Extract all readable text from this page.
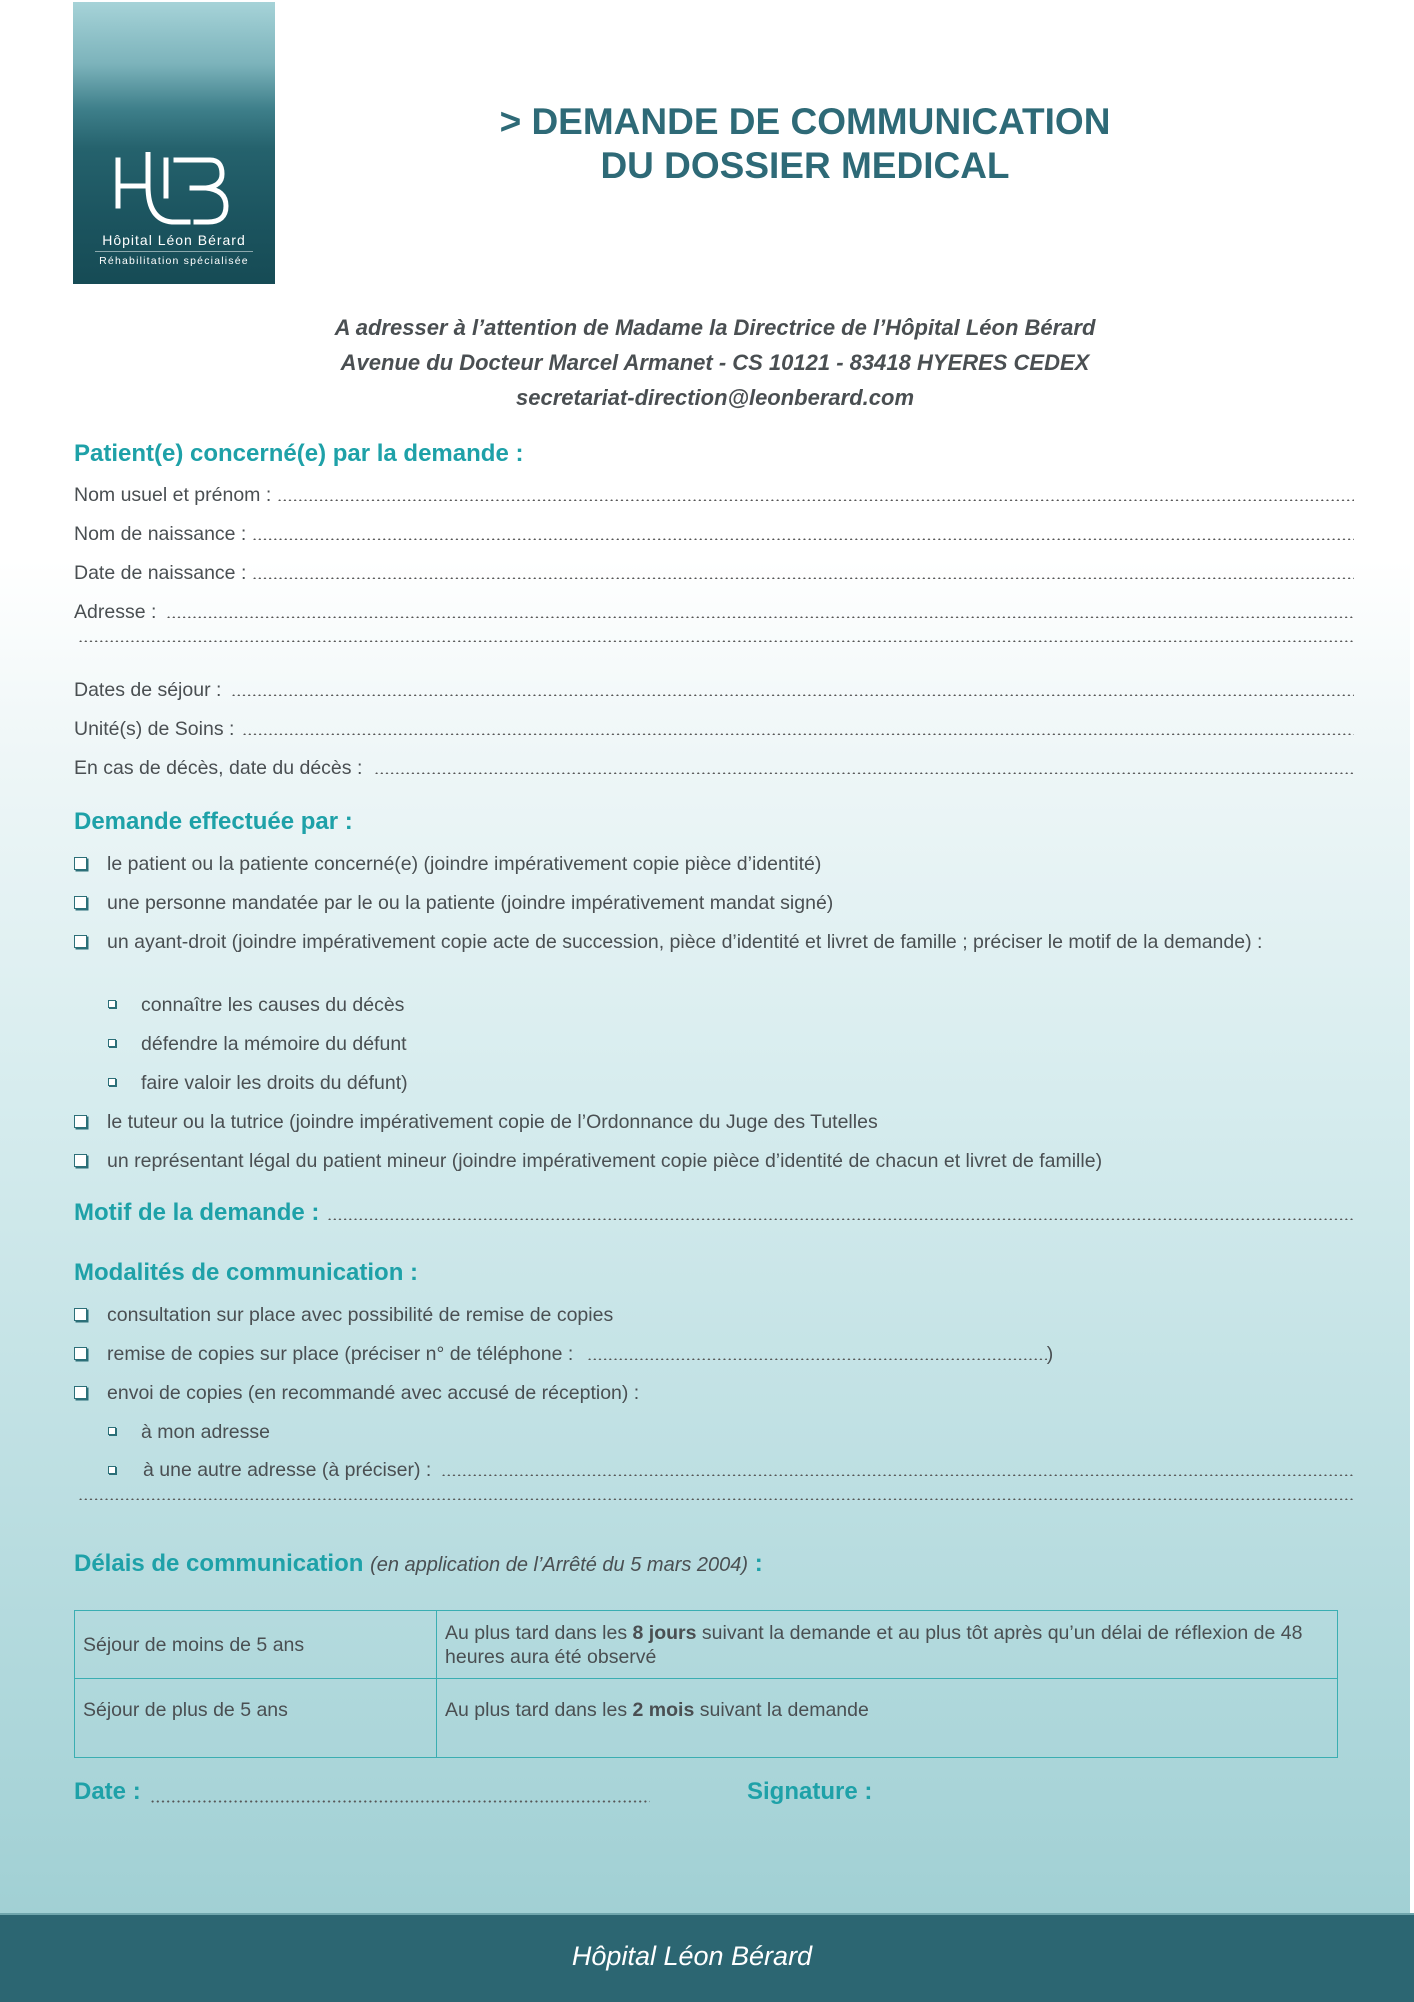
Hôpital Léon Bérard
Réhabilitation spécialisée
> DEMANDE DE COMMUNICATION
DU DOSSIER MEDICAL
A adresser à l’attention de Madame la Directrice de l’Hôpital Léon Bérard
Avenue du Docteur Marcel Armanet - CS 10121 - 83418 HYERES CEDEX
secretariat-direction@leonberard.com
Patient(e) concerné(e) par la demande :
Nom usuel et prénom :
Nom de naissance :
Date de naissance :
Adresse :
Dates de séjour :
Unité(s) de Soins :
En cas de décès, date du décès :
Demande effectuée par :
le patient ou la patiente concerné(e) (joindre impérativement copie pièce d’identité)
une personne mandatée par le ou la patiente (joindre impérativement mandat signé)
un ayant-droit (joindre impérativement copie acte de succession, pièce d’identité et livret de famille ; préciser le motif de la demande) :
connaître les causes du décès
défendre la mémoire du défunt
faire valoir les droits du défunt)
le tuteur ou la tutrice (joindre impérativement copie de l’Ordonnance du Juge des Tutelles
un représentant légal du patient mineur (joindre impérativement copie pièce d’identité de chacun et livret de famille)
Motif de la demande :
Modalités de communication :
consultation sur place avec possibilité de remise de copies
remise de copies sur place (préciser n° de téléphone :	)
envoi de copies (en recommandé avec accusé de réception) :
à mon adresse
à une autre adresse (à préciser) :
Délais de communication (en application de l’Arrêté du 5 mars 2004) :
Séjour de moins de 5 ans	Au plus tard dans les 8 jours suivant la demande et au plus tôt après qu’un délai de réflexion de 48 heures aura été observé
Séjour de plus de 5 ans	Au plus tard dans les 2 mois suivant la demande
Date :	Signature :
Hôpital Léon Bérard
